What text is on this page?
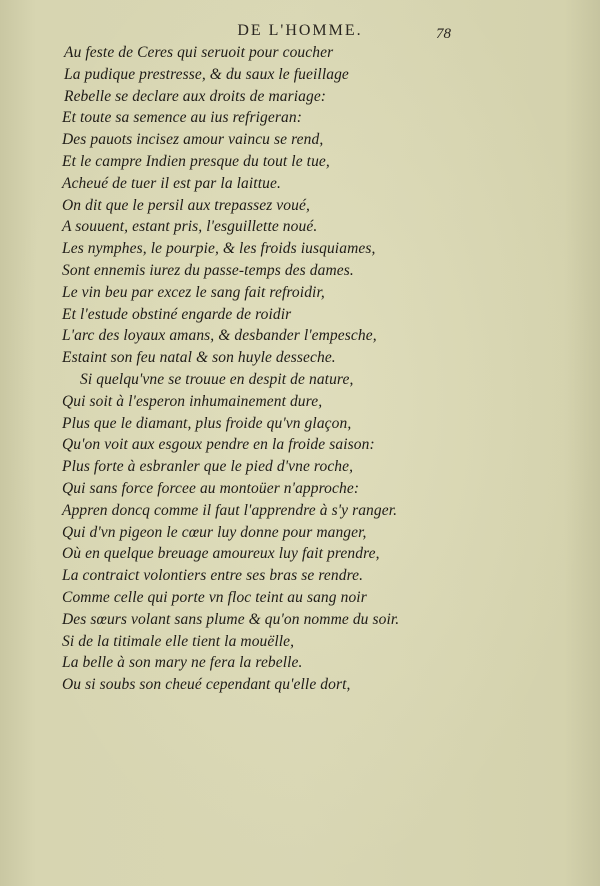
DE L'HOMME.	78
Au feste de Ceres qui seruoit pour coucher
La pudique prestresse, & du saux le fueillage
Rebelle se declare aux droits de mariage:
Et toute sa semence au ius refrigeran:
Des pauots incisez amour vaincu se rend,
Et le campre Indien presque du tout le tue,
Acheué de tuer il est par la laittue.
On dit que le persil aux trepassez voué,
A souuent, estant pris, l'esguillette noué.
Les nymphes, le pourpie, & les froids iusquiames,
Sont ennemis iurez du passe-temps des dames.
Le vin beu par excez le sang fait refroidir,
Et l'estude obstiné engarde de roidir
L'arc des loyaux amans, & desbander l'empesche,
Estaint son feu natal & son huyle desseche.
Si quelqu'vne se trouue en despit de nature,
Qui soit à l'esperon inhumainement dure,
Plus que le diamant, plus froide qu'vn glaçon,
Qu'on voit aux esgoux pendre en la froide saison:
Plus forte à esbranler que le pied d'vne roche,
Qui sans force forcee au montoüer n'approche:
Appren doncq comme il faut l'apprendre à s'y ranger.
Qui d'vn pigeon le cœur luy donne pour manger,
Où en quelque breuage amoureux luy fait prendre,
La contraict volontiers entre ses bras se rendre.
Comme celle qui porte vn floc teint au sang noir
Des sœurs volant sans plume & qu'on nomme du soir.
Si de la titimale elle tient la mouëlle,
La belle à son mary ne fera la rebelle.
Ou si soubs son cheué cependant qu'elle dort,
